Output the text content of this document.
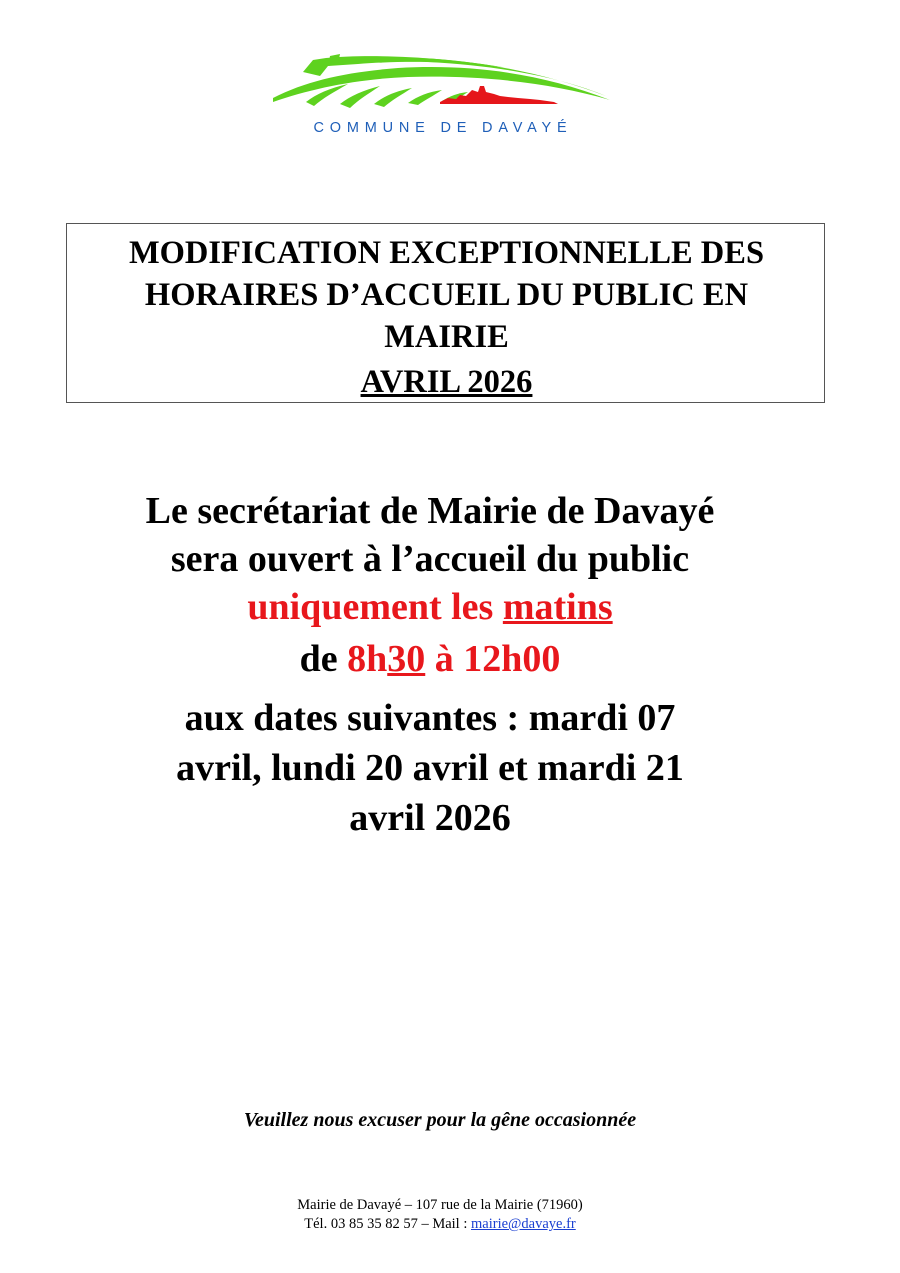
COMMUNE DE DAVAYÉ
MODIFICATION EXCEPTIONNELLE DES
HORAIRES D’ACCUEIL DU PUBLIC EN
MAIRIE
AVRIL 2026
Le secrétariat de Mairie de Davayé
sera ouvert à l’accueil du public
uniquement les matins
de 8h30 à 12h00
aux dates suivantes : mardi 07
avril, lundi 20 avril et mardi 21
avril 2026
Veuillez nous excuser pour la gêne occasionnée
Mairie de Davayé – 107 rue de la Mairie (71960)
Tél. 03 85 35 82 57 – Mail : mairie@davaye.fr
